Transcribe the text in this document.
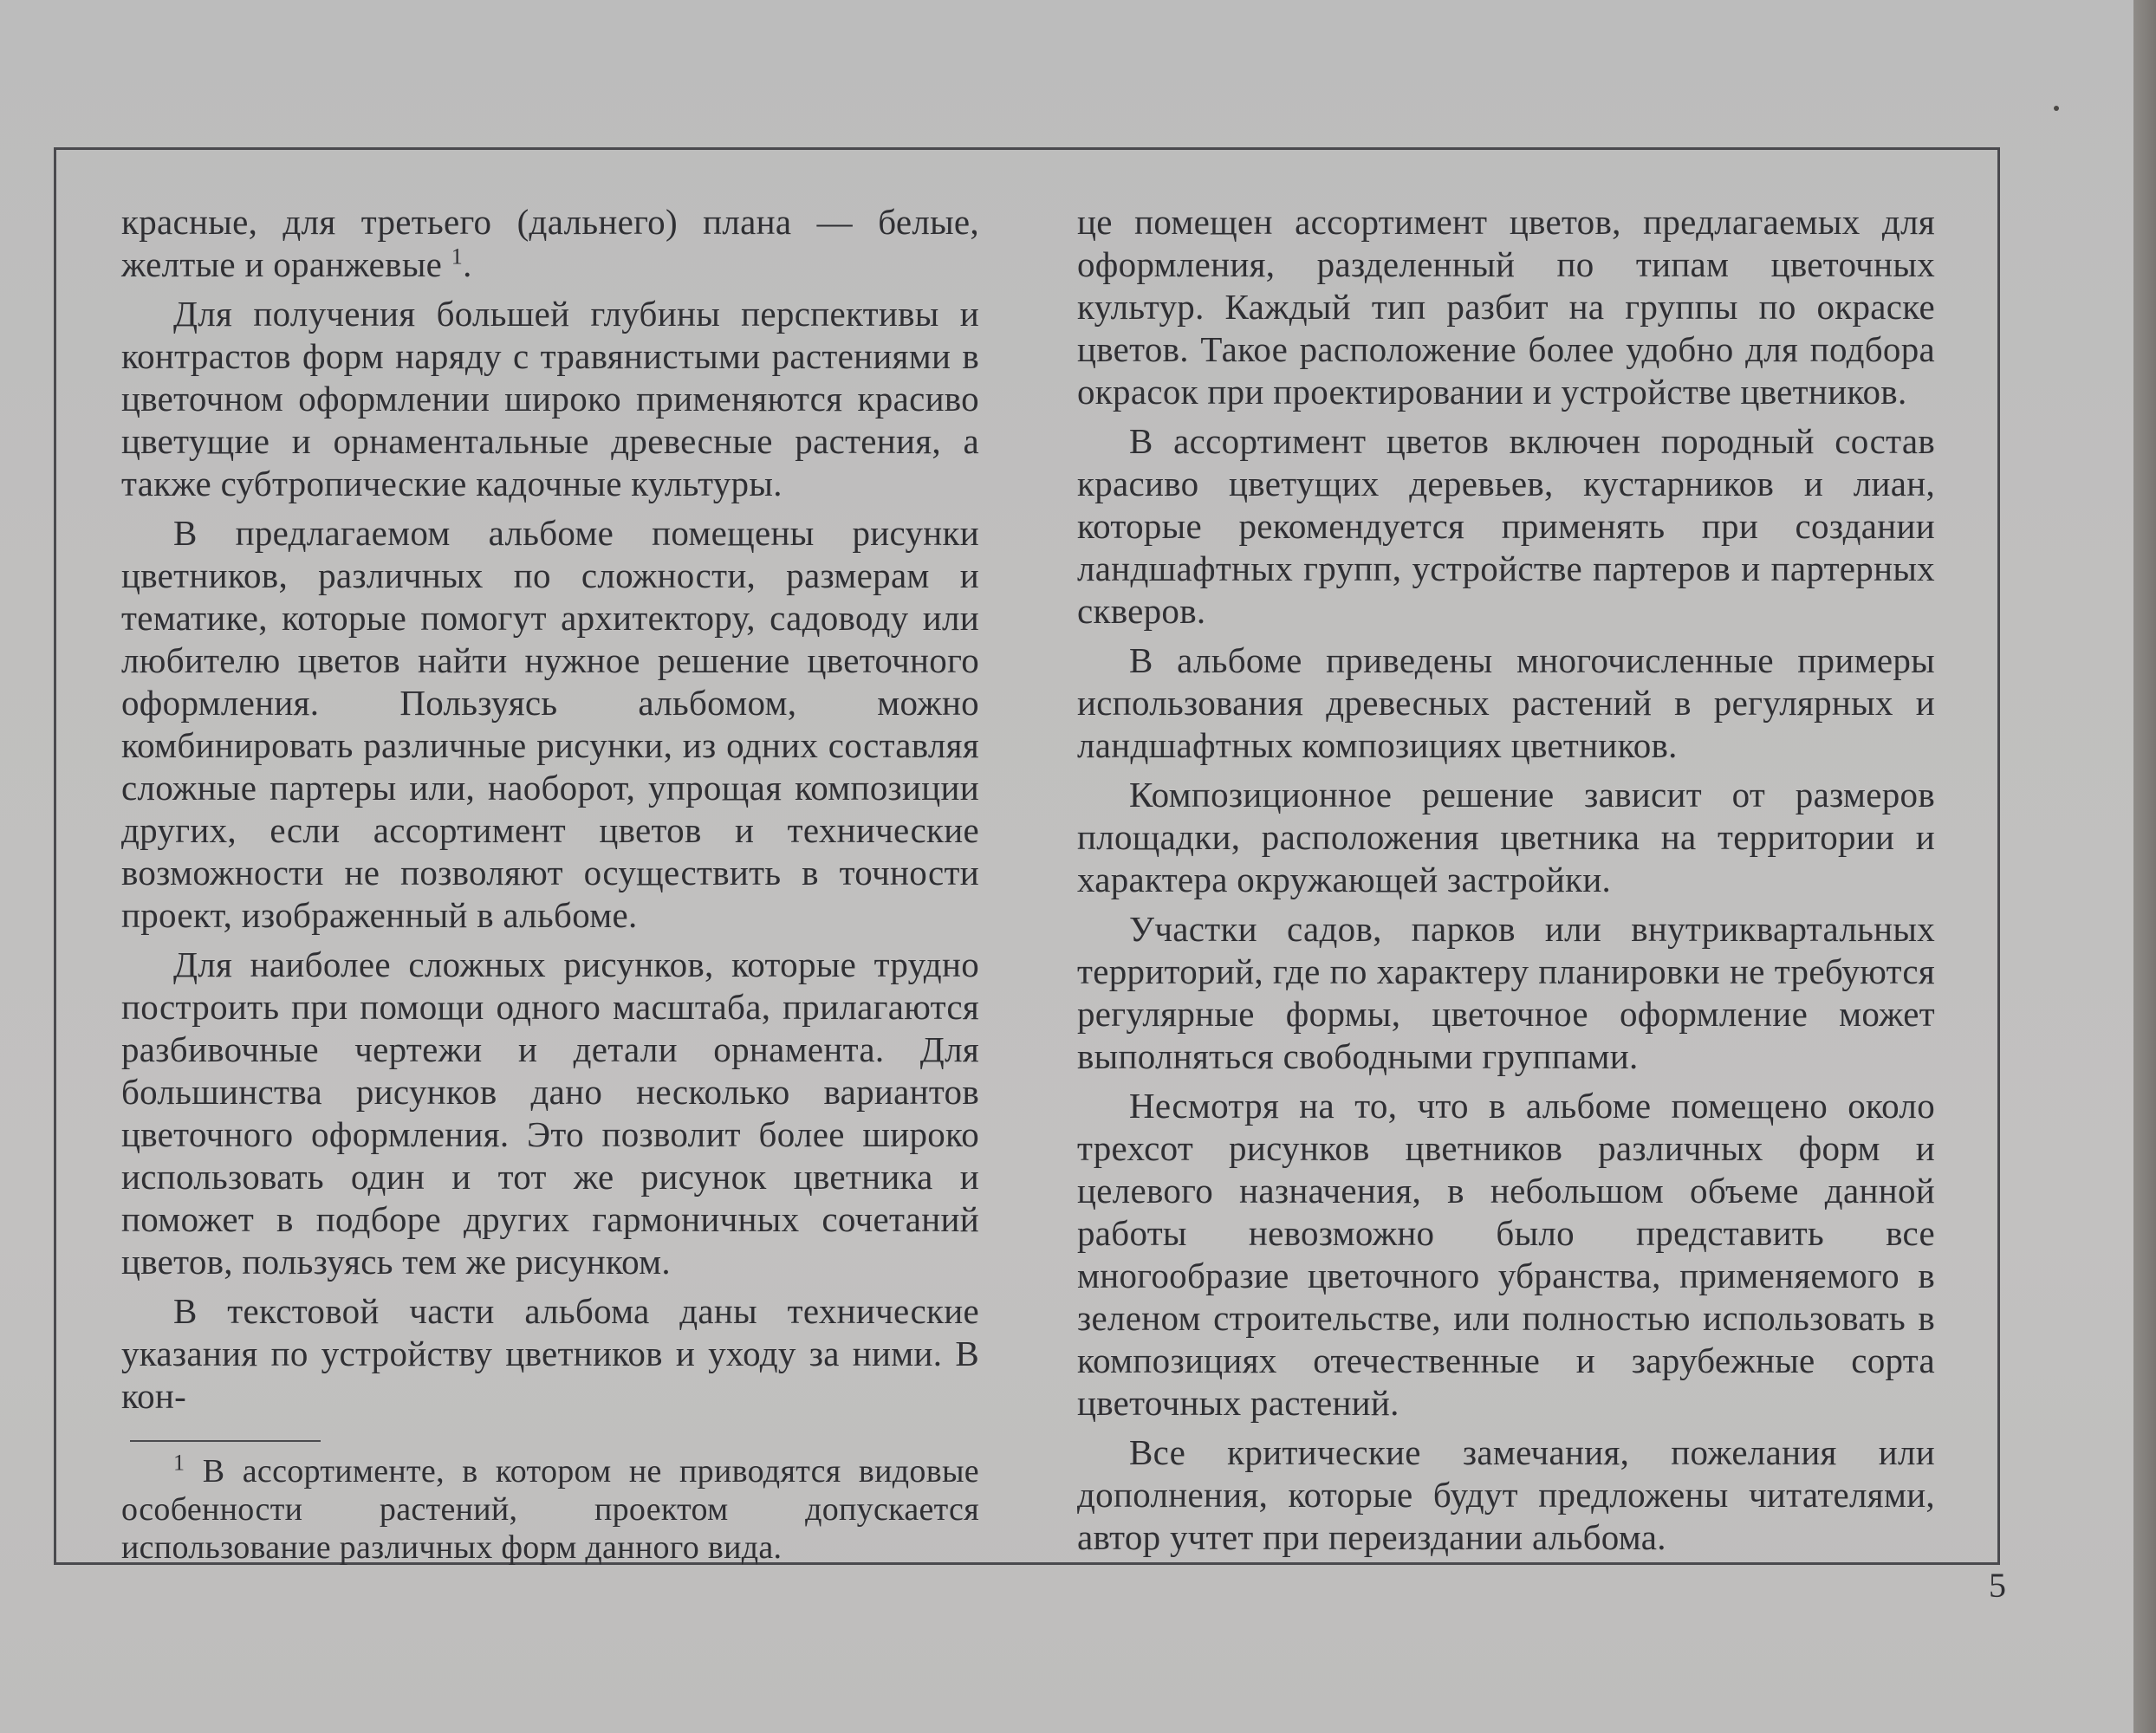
красные, для третьего (дальнего) плана — белые, желтые и оранжевые $^1$.

Для получения большей глубины перспективы и контрастов форм наряду с травянистыми растениями в цветочном оформлении широко применяются красиво цветущие и орнаментальные древесные растения, а также субтропические кадочные культуры.

В предлагаемом альбоме помещены рисунки цветников, различных по сложности, размерам и тематике, которые помогут архитектору, садоводу или любителю цветов найти нужное решение цветочного оформления. Пользуясь альбомом, можно комбинировать различные рисунки, из одних составляя сложные партеры или, наоборот, упрощая композиции других, если ассортимент цветов и технические возможности не позволяют осуществить в точности проект, изображенный в альбоме.

Для наиболее сложных рисунков, которые трудно построить при помощи одного масштаба, прилагаются разбивочные чертежи и детали орнамента. Для большинства рисунков дано несколько вариантов цветочного оформления. Это позволит более широко использовать один и тот же рисунок цветника и поможет в подборе других гармоничных сочетаний цветов, пользуясь тем же рисунком.

В текстовой части альбома даны технические указания по устройству цветников и уходу за ними. В кон-

$^1$ В ассортименте, в котором не приводятся видовые особенности растений, проектом допускается использование различных форм данного вида.

це помещен ассортимент цветов, предлагаемых для оформления, разделенный по типам цветочных культур. Каждый тип разбит на группы по окраске цветов. Такое расположение более удобно для подбора окрасок при проектировании и устройстве цветников.

В ассортимент цветов включен породный состав красиво цветущих деревьев, кустарников и лиан, которые рекомендуется применять при создании ландшафтных групп, устройстве партеров и партерных скверов.

В альбоме приведены многочисленные примеры использования древесных растений в регулярных и ландшафтных композициях цветников.

Композиционное решение зависит от размеров площадки, расположения цветника на территории и характера окружающей застройки.

Участки садов, парков или внутриквартальных территорий, где по характеру планировки не требуются регулярные формы, цветочное оформление может выполняться свободными группами.

Несмотря на то, что в альбоме помещено около трехсот рисунков цветников различных форм и целевого назначения, в небольшом объеме данной работы невозможно было представить все многообразие цветочного убранства, применяемого в зеленом строительстве, или полностью использовать в композициях отечественные и зарубежные сорта цветочных растений.

Все критические замечания, пожелания или дополнения, которые будут предложены читателями, автор учтет при переиздании альбома.

5
